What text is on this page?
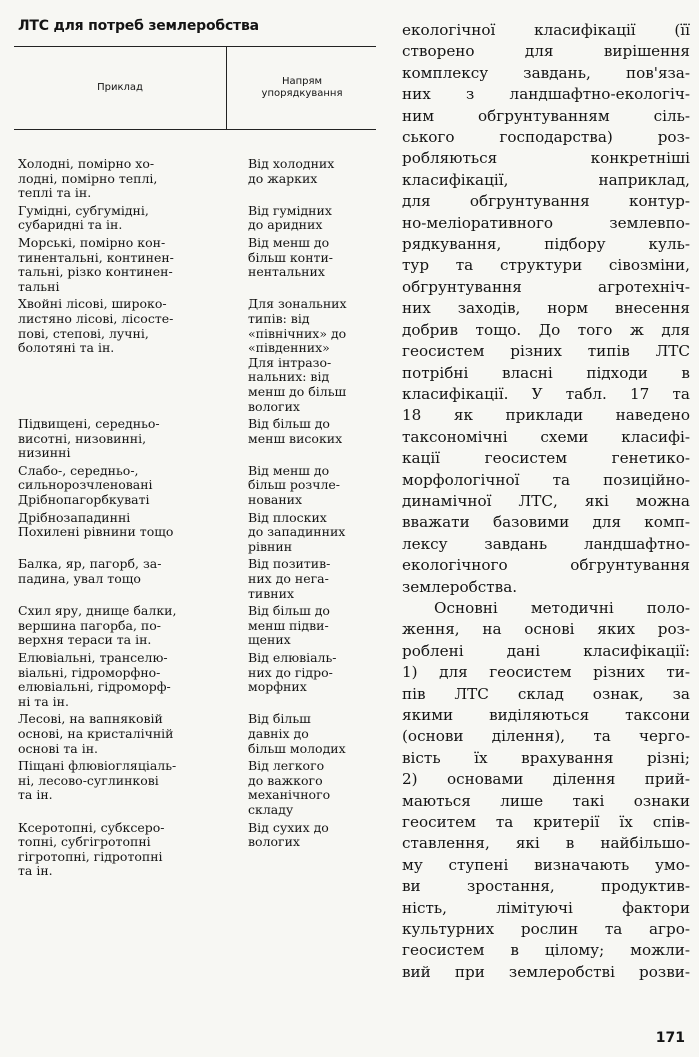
ЛТС для потреб землеробства
Приклад
Напрям
упорядкування
Холодні, помірно хо-
лодні, помірно теплі,
теплі та ін.
Від холодних
до жарких
Гумідні, субгумідні,
субаридні та ін.
Від гумідних
до аридних
Морські, помірно кон-
тинентальні, континен-
тальні, різко континен-
тальні
Від менш до
більш конти-
нентальних
Хвойні лісові, широко-
листяно лісові, лісосте-
пові, степові, лучні,
болотяні та ін.
Для зональних
типів: від
«північних» до
«південних»
Для інтразо-
нальних: від
менш до більш
вологих
Підвищені, середньо-
висотні, низовинні,
низинні
Від більш до
менш високих
Слабо-, середньо-,
сильнорозчленовані
Дрібнопагорбкуваті
Від менш до
більш розчле-
нованих
Дрібнозападинні
Похилені рівнини тощо
Від плоских
до западинних
рівнин
Балка, яр, пагорб, за-
падина, увал тощо
Від позитив-
них до нега-
тивних
Схил яру, днище балки,
вершина пагорба, по-
верхня тераси та ін.
Від більш до
менш підви-
щених
Елювіальні, транселю-
віальні, гідроморфно-
елювіальні, гідроморф-
ні та ін.
Від елювіаль-
них до гідро-
морфних
Лесові, на вапняковій
основі, на кристалічній
основі та ін.
Від більш
давніх до
більш молодих
Піщані флювіогляціаль-
ні, лесово-суглинкові
та ін.
Від легкого
до важкого
механічного
складу
Ксеротопні, субксеро-
топні, субгігротопні
гігротопні, гідротопні
та ін.
Від сухих до
вологих
екологічної класифікації (її
створено для вирішення
комплексу завдань, пов'яза-
них з ландшафтно-екологіч-
ним обгрунтуванням сіль-
ського господарства) роз-
робляються конкретніші
класифікації, наприклад,
для обгрунтування контур-
но-меліоративного землевпо-
рядкування, підбору куль-
тур та структури сівозміни,
обгрунтування агротехніч-
них заходів, норм внесення
добрив тощо. До того ж для
геосистем різних типів ЛТС
потрібні власні підходи в
класифікації. У табл. 17 та
18 як приклади наведено
таксономічні схеми класифі-
кації геосистем генетико-
морфологічної та позиційно-
динамічної ЛТС, які можна
вважати базовими для комп-
лексу завдань ландшафтно-
екологічного обгрунтування
землеробства.
Основні методичні поло-
ження, на основі яких роз-
роблені дані класифікації:
1) для геосистем різних ти-
пів ЛТС склад ознак, за
якими виділяються таксони
(основи ділення), та черго-
вість їх врахування різні;
2) основами ділення прий-
маються лише такі ознаки
геоситем та критерії їх спів-
ставлення, які в найбільшо-
му ступені визначають умо-
ви зростання, продуктив-
ність, лімітуючі фактори
культурних рослин та агро-
геосистем в цілому; можли-
вий при землеробстві розви-
171
